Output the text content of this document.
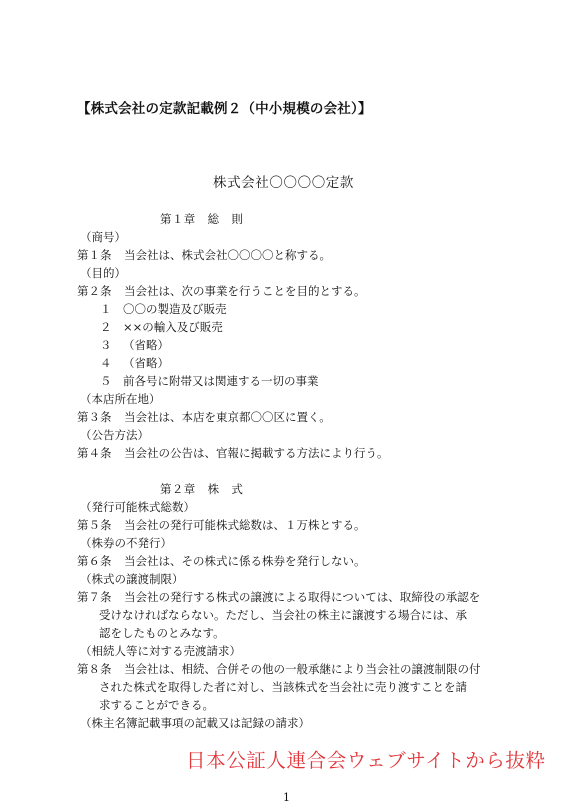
【株式会社の定款記載例２（中小規模の会社）】
株式会社〇〇〇〇定款
第１章　総　則
（商号）
第１条 当会社は、株式会社〇〇〇〇と称する。
（目的）
第２条 当会社は、次の事業を行うことを目的とする。
１ 〇〇の製造及び販売
２ ××の輸入及び販売
３ （省略）
４ （省略）
５ 前各号に附帯又は関連する一切の事業
（本店所在地）
第３条 当会社は、本店を東京都〇〇区に置く。
（公告方法）
第４条 当会社の公告は、官報に掲載する方法により行う。
第２章　株　式
（発行可能株式総数）
第５条 当会社の発行可能株式総数は、１万株とする。
（株券の不発行）
第６条 当会社は、その株式に係る株券を発行しない。
（株式の譲渡制限）
第７条 当会社の発行する株式の譲渡による取得については、取締役の承認を
受けなければならない。ただし、当会社の株主に譲渡する場合には、承
認をしたものとみなす。
（相続人等に対する売渡請求）
第８条 当会社は、相続、合併その他の一般承継により当会社の譲渡制限の付
された株式を取得した者に対し、当該株式を当会社に売り渡すことを請
求することができる。
（株主名簿記載事項の記載又は記録の請求）
日本公証人連合会ウェブサイトから抜粋
1
